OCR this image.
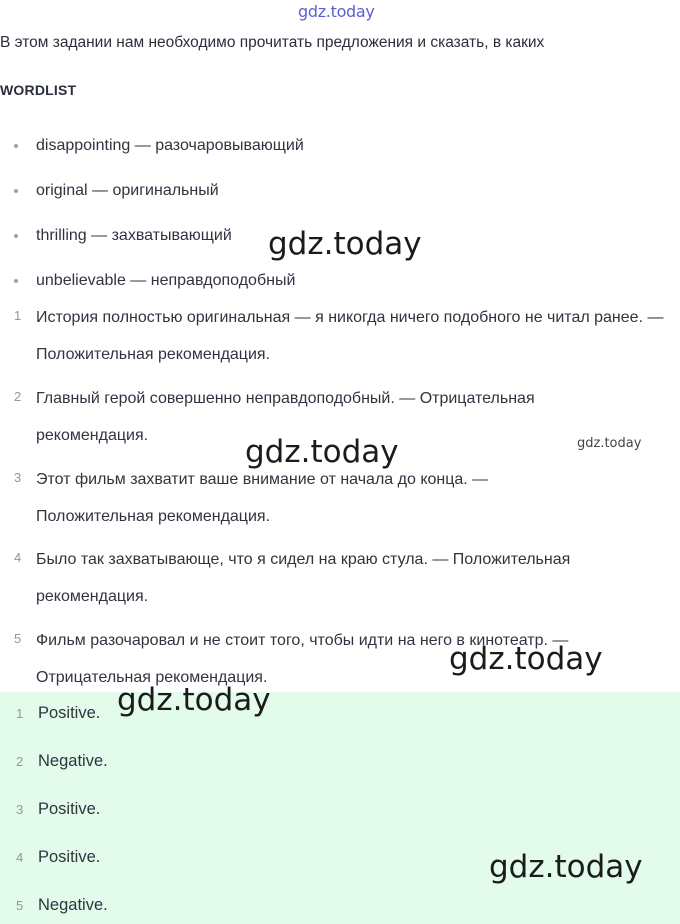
gdz.today
В этом задании нам необходимо прочитать предложения и сказать, в каких
WORDLIST
disappointing — разочаровывающий
original — оригинальный
thrilling — захватывающий
unbelievable — неправдоподобный
1 История полностью оригинальная — я никогда ничего подобного не читал ранее. — Положительная рекомендация.
2 Главный герой совершенно неправдоподобный. — Отрицательная рекомендация.
3 Этот фильм захватит ваше внимание от начала до конца. — Положительная рекомендация.
4 Было так захватывающе, что я сидел на краю стула. — Положительная рекомендация.
5 Фильм разочаровал и не стоит того, чтобы идти на него в кинотеатр. — Отрицательная рекомендация.
1 Positive.
2 Negative.
3 Positive.
4 Positive.
5 Negative.
gdz.today
gdz.today	gdz.today
gdz.today
gdz.today
gdz.today
